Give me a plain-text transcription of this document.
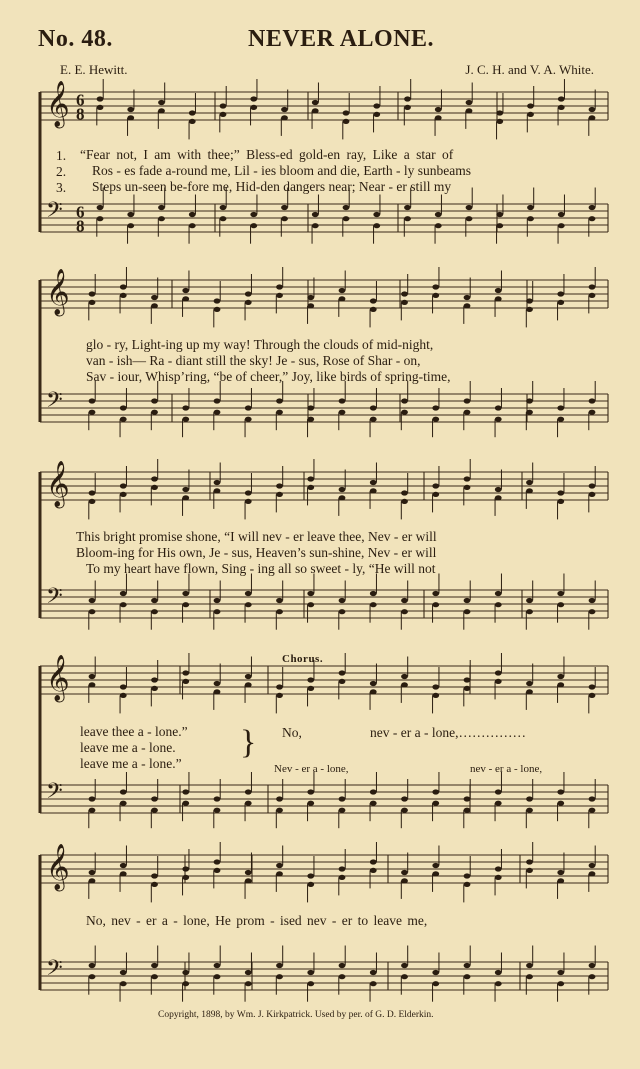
No. 48.	NEVER ALONE.
E. E. Hewitt.	J. C. H. and V. A. White.
𝄞 6
8
𝄢 6
8
𝄞
𝄢
𝄞
𝄢
𝄞
𝄢
𝄞
𝄢
1.
2.
3.
“Fear not, I am with thee;” Bless-ed gold-en ray, Like a star of
Ros - es fade a-round me, Lil - ies bloom and die, Earth - ly sunbeams
Steps un-seen be-fore me, Hid-den dangers near; Near - er still my
glo - ry, Light-ing up my way! Through the clouds of mid-night,
van - ish— Ra - diant still the sky! Je - sus, Rose of Shar - on,
Sav - iour, Whisp’ring, “be of cheer,” Joy, like birds of spring-time,
This bright promise shone, “I will nev - er leave thee, Nev - er will
Bloom-ing for His own, Je - sus, Heaven’s sun-shine, Nev - er will
To my heart have flown, Sing - ing all so sweet - ly, “He will not
Chorus.
leave thee a - lone.”
leave me a - lone.
leave me a - lone.”
} No,	nev - er a - lone,……………
Nev - er a - lone,	nev - er a - lone,
No, nev - er a - lone, He prom - ised nev - er to leave me,
Copyright, 1898, by Wm. J. Kirkpatrick. Used by per. of G. D. Elderkin.
